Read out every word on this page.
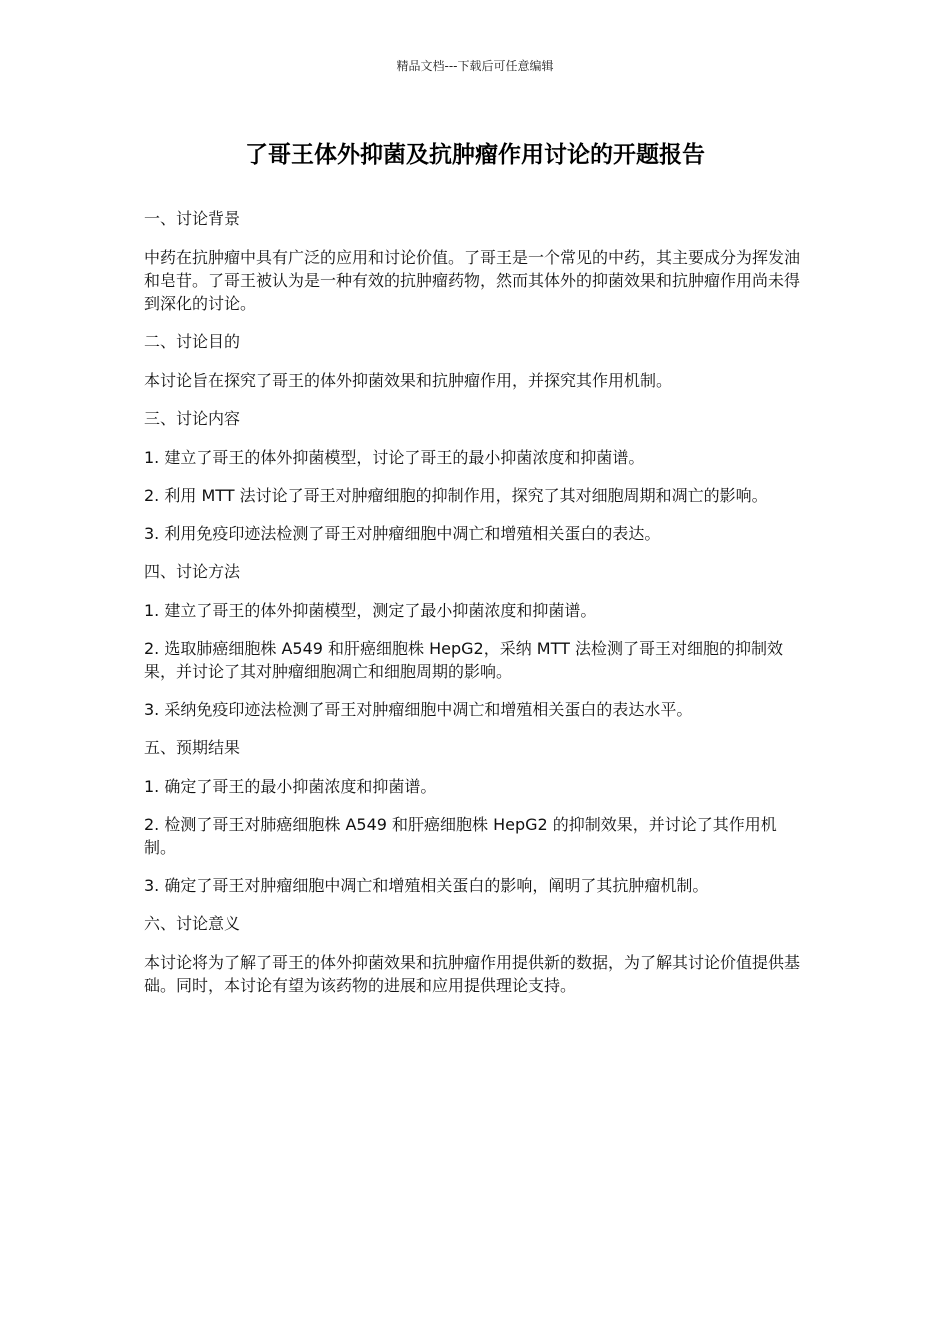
精品文档---下载后可任意编辑
了哥王体外抑菌及抗肿瘤作用讨论的开题报告

一、讨论背景

中药在抗肿瘤中具有广泛的应用和讨论价值。了哥王是一个常见的中药，其主要成分为挥发油和皂苷。了哥王被认为是一种有效的抗肿瘤药物，然而其体外的抑菌效果和抗肿瘤作用尚未得到深化的讨论。

二、讨论目的

本讨论旨在探究了哥王的体外抑菌效果和抗肿瘤作用，并探究其作用机制。

三、讨论内容

1. 建立了哥王的体外抑菌模型，讨论了哥王的最小抑菌浓度和抑菌谱。

2. 利用 MTT 法讨论了哥王对肿瘤细胞的抑制作用，探究了其对细胞周期和凋亡的影响。

3. 利用免疫印迹法检测了哥王对肿瘤细胞中凋亡和增殖相关蛋白的表达。

四、讨论方法

1. 建立了哥王的体外抑菌模型，测定了最小抑菌浓度和抑菌谱。

2. 选取肺癌细胞株 A549 和肝癌细胞株 HepG2，采纳 MTT 法检测了哥王对细胞的抑制效果，并讨论了其对肿瘤细胞凋亡和细胞周期的影响。

3. 采纳免疫印迹法检测了哥王对肿瘤细胞中凋亡和增殖相关蛋白的表达水平。

五、预期结果

1. 确定了哥王的最小抑菌浓度和抑菌谱。

2. 检测了哥王对肺癌细胞株 A549 和肝癌细胞株 HepG2 的抑制效果，并讨论了其作用机制。

3. 确定了哥王对肿瘤细胞中凋亡和增殖相关蛋白的影响，阐明了其抗肿瘤机制。

六、讨论意义

本讨论将为了解了哥王的体外抑菌效果和抗肿瘤作用提供新的数据，为了解其讨论价值提供基础。同时，本讨论有望为该药物的进展和应用提供理论支持。
